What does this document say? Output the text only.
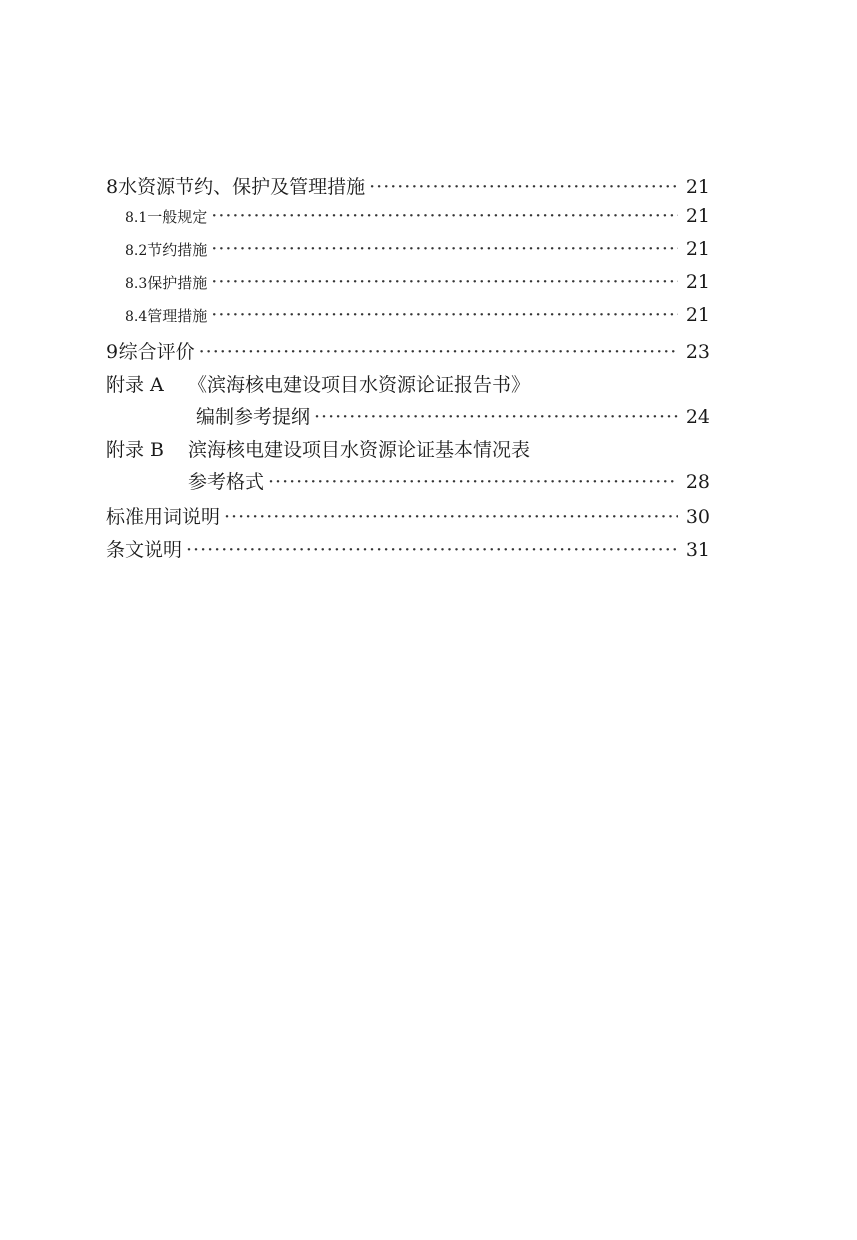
8 水资源节约、保护及管理措施 ·····	21
8.1 一般规定 ·····	21
8.2 节约措施 ·····	21
8.3 保护措施 ·····	21
8.4 管理措施 ·····	21
9 综合评价 ·····	23
附录 A	《滨海核电建设项目水资源论证报告书》
编制参考提纲 ·····	24
附录 B	滨海核电建设项目水资源论证基本情况表
参考格式 ·····	28
标准用词说明 ·····	30
条文说明 ·····	31
